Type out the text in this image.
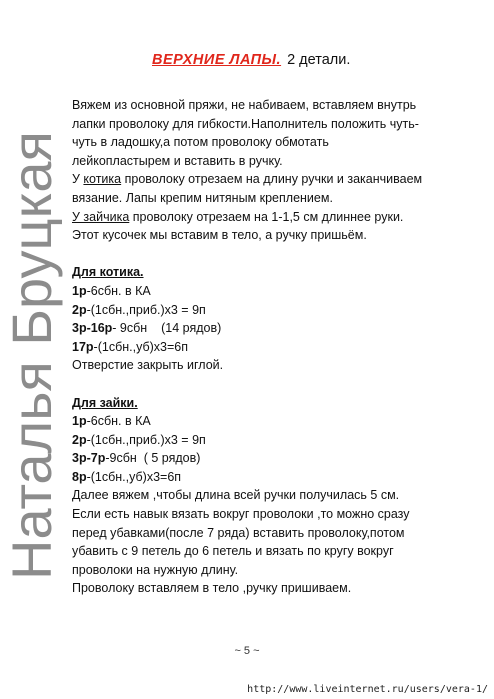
Наталья Бруцкая
ВЕРХНИЕ ЛАПЫ. 2 детали.

Вяжем из основной пряжи, не набиваем, вставляем внутрь

лапки проволоку для гибкости.Наполнитель положить чуть-

чуть в ладошку,а потом проволоку обмотать

лейкопластырем и вставить в ручку.

У котика проволоку отрезаем на длину ручки и заканчиваем

вязание. Лапы крепим нитяным креплением.

У зайчика проволоку отрезаем на 1-1,5 см длиннее руки.

Этот кусочек мы вставим в тело, а ручку пришьём.

Для котика.

1р-6сбн. в КА

2р-(1сбн.,приб.)х3 = 9п

3р-16р- 9сбн    (14 рядов)

17р-(1сбн.,уб)х3=6п

Отверстие закрыть иглой.

Для зайки.

1р-6сбн. в КА

2р-(1сбн.,приб.)х3 = 9п

3р-7р-9сбн  ( 5 рядов)

8р-(1сбн.,уб)х3=6п

Далее вяжем ,чтобы длина всей ручки получилась 5 см.

Если есть навык вязать вокруг проволоки ,то можно сразу

перед убавками(после 7 ряда) вставить проволоку,потом

убавить с 9 петель до 6 петель и вязать по кругу вокруг

проволоки на нужную длину.

Проволоку вставляем в тело ,ручку пришиваем.

~ 5 ~
http://www.liveinternet.ru/users/vera-1/
